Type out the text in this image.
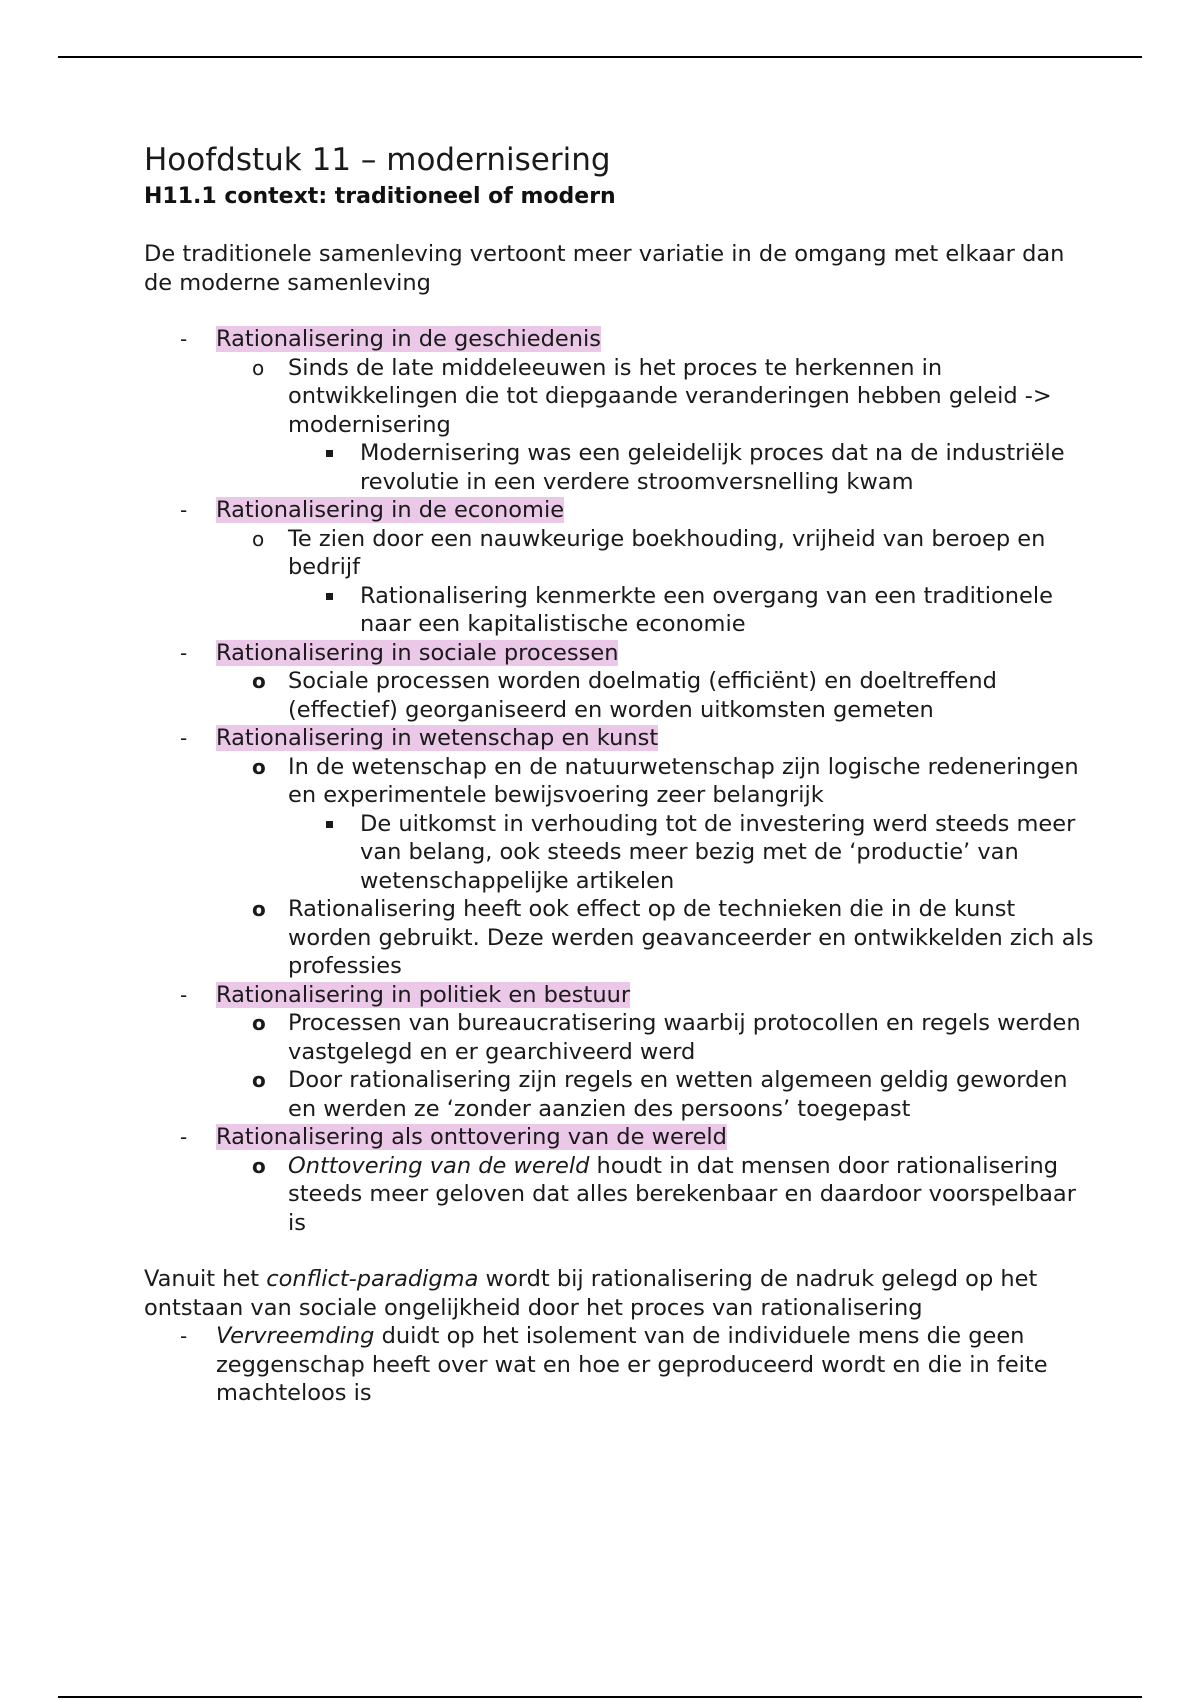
Hoofdstuk 11 – modernisering
H11.1 context: traditioneel of modern

De traditionele samenleving vertoont meer variatie in de omgang met elkaar dan de moderne samenleving

-	Rationalisering in de geschiedenis
o	Sinds de late middeleeuwen is het proces te herkennen in ontwikkelingen die tot diepgaande veranderingen hebben geleid -> modernisering
Modernisering was een geleidelijk proces dat na de industriële revolutie in een verdere stroomversnelling kwam
-	Rationalisering in de economie
o	Te zien door een nauwkeurige boekhouding, vrijheid van beroep en bedrijf
Rationalisering kenmerkte een overgang van een traditionele naar een kapitalistische economie
-	Rationalisering in sociale processen
o Sociale processen worden doelmatig (efficiënt) en doeltreffend (effectief) georganiseerd en worden uitkomsten gemeten
-	Rationalisering in wetenschap en kunst
o In de wetenschap en de natuurwetenschap zijn logische redeneringen en experimentele bewijsvoering zeer belangrijk
De uitkomst in verhouding tot de investering werd steeds meer van belang, ook steeds meer bezig met de ‘productie’ van wetenschappelijke artikelen
o Rationalisering heeft ook effect op de technieken die in de kunst worden gebruikt. Deze werden geavanceerder en ontwikkelden zich als professies
-	Rationalisering in politiek en bestuur
o Processen van bureaucratisering waarbij protocollen en regels werden vastgelegd en er gearchiveerd werd
o Door rationalisering zijn regels en wetten algemeen geldig geworden en werden ze ‘zonder aanzien des persoons’ toegepast
-	Rationalisering als onttovering van de wereld
o Onttovering van de wereld houdt in dat mensen door rationalisering steeds meer geloven dat alles berekenbaar en daardoor voorspelbaar is

Vanuit het conflict-paradigma wordt bij rationalisering de nadruk gelegd op het ontstaan van sociale ongelijkheid door het proces van rationalisering

- Vervreemding duidt op het isolement van de individuele mens die geen zeggenschap heeft over wat en hoe er geproduceerd wordt en die in feite machteloos is
